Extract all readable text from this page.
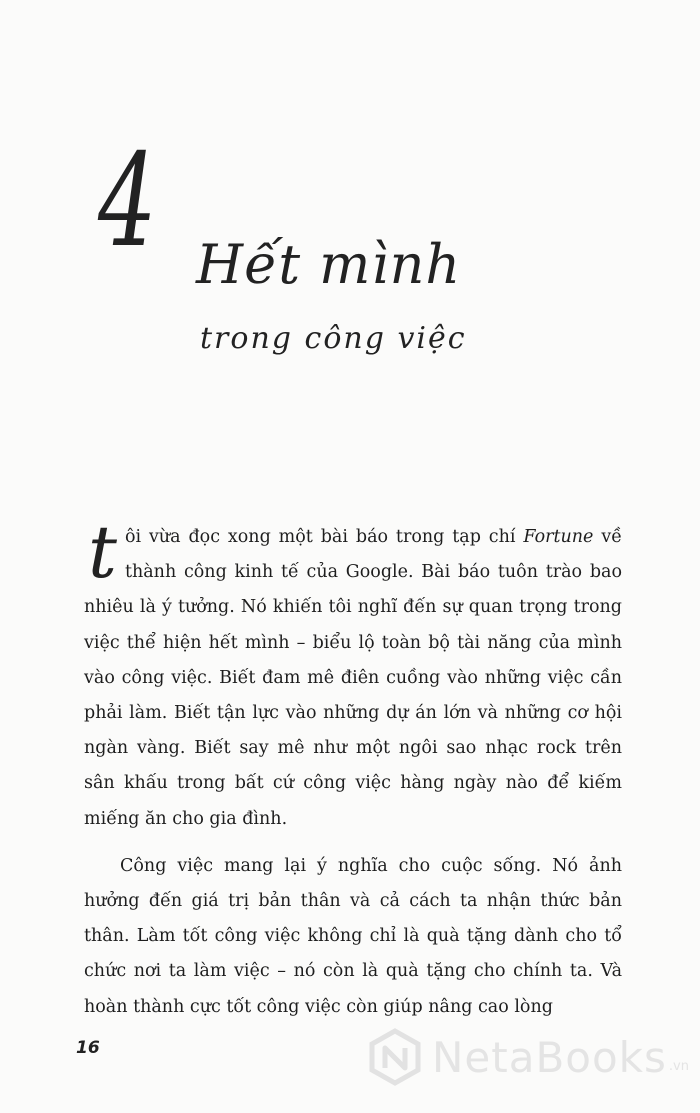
4 Hết mình
trong công việc

t ôi vừa đọc xong một bài báo trong tạp chí Fortune về thành công kinh tế của Google. Bài báo tuôn trào bao nhiêu là ý tưởng. Nó khiến tôi nghĩ đến sự quan trọng trong việc thể hiện hết mình – biểu lộ toàn bộ tài năng của mình vào công việc. Biết đam mê điên cuồng vào những việc cần phải làm. Biết tận lực vào những dự án lớn và những cơ hội ngàn vàng. Biết say mê như một ngôi sao nhạc rock trên sân khấu trong bất cứ công việc hàng ngày nào để kiếm miếng ăn cho gia đình.

Công việc mang lại ý nghĩa cho cuộc sống. Nó ảnh hưởng đến giá trị bản thân và cả cách ta nhận thức bản thân. Làm tốt công việc không chỉ là quà tặng dành cho tổ chức nơi ta làm việc – nó còn là quà tặng cho chính ta. Và hoàn thành cực tốt công việc còn giúp nâng cao lòng

16	NetaBooks .vn
